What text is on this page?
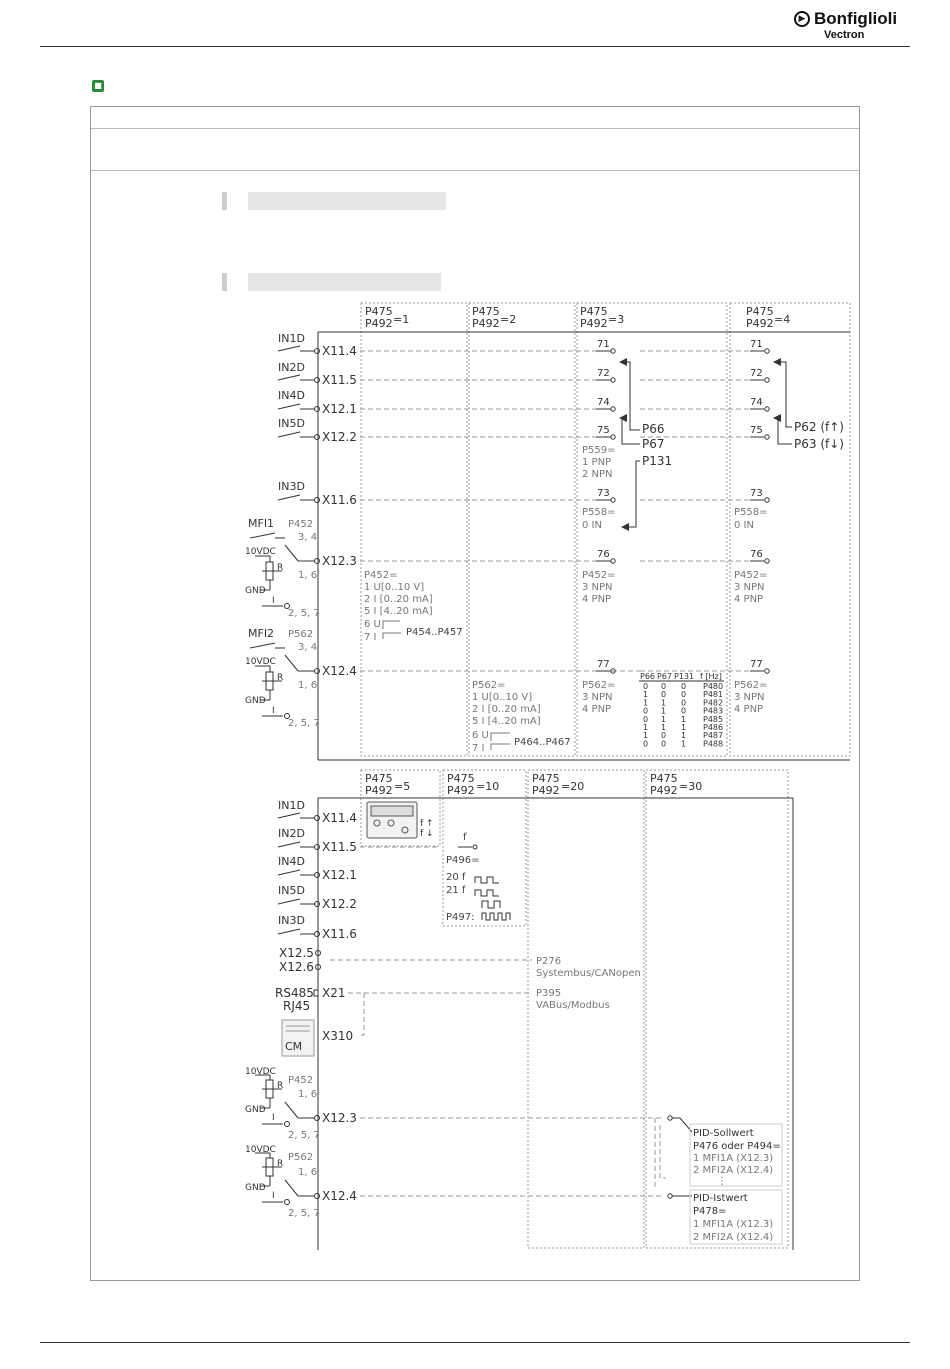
▶ Bonfiglioli
Vectron
■
P475
P492 =1
P475
P492 =2
P475
P492 =3
P475
P492 =4
IN1D
IN2D
IN4D
IN5D
IN3D
X11.4
X11.5
X12.1
X12.2
X11.6
X12.3
X12.4
MFI1 P452
3, 4
1, 6
2, 5, 7
10VDC
R
GND
I
MFI2 P562
3, 4
1, 6
2, 5, 7
10VDC
R
GND
I
P452=
1 U[0..10 V]
2 I [0..20 mA]
5 I [4..20 mA]
6 U
7 I	P454..P457
P562=
1 U[0..10 V]
2 I [0..20 mA]
5 I [4..20 mA]
6 U
7 I
P464..P467
71
72
74
75
73
76
77
P66
P67
P131
P559=
1 PNP
2 NPN
P558=
0 IN
P452=
3 NPN
4 PNP
P562=
3 NPN
4 PNP
P66 P67 P131 f [Hz]
0 0 0 P480
1 0 0 P481
1 1 0 P482
0 1 0 P483
0 1 1 P485
1 1 1 P486
1 0 1 P487
0 0 1 P488
71
72
74
75
73
76
77
P62 (f↑)
P63 (f↓)
P558=
0 IN
P452=
3 NPN
4 PNP
P562=
3 NPN
4 PNP
P475
P492 =5
P475
P492 =10
P475
P492 =20
P475
P492 =30
IN1D
IN2D
IN4D
IN5D
IN3D
X11.4
X11.5
X12.1
X12.2
X11.6
X12.5
X12.6
RS485 X21
RJ45
X310
X12.3
X12.4
CM
f ↑
f ↓	f
P496=
20 f
21 f
P497:
P276
Systembus/CANopen
P395
VABus/Modbus
P452
1, 6
2, 5, 7
10VDC
R
GND
I
P562
1, 6
2, 5, 7
10VDC
R
GND
I
PID-Sollwert
P476 oder P494=
1 MFI1A (X12.3)
2 MFI2A (X12.4)
⋮
PID-Istwert
P478=
1 MFI1A (X12.3)
2 MFI2A (X12.4)
